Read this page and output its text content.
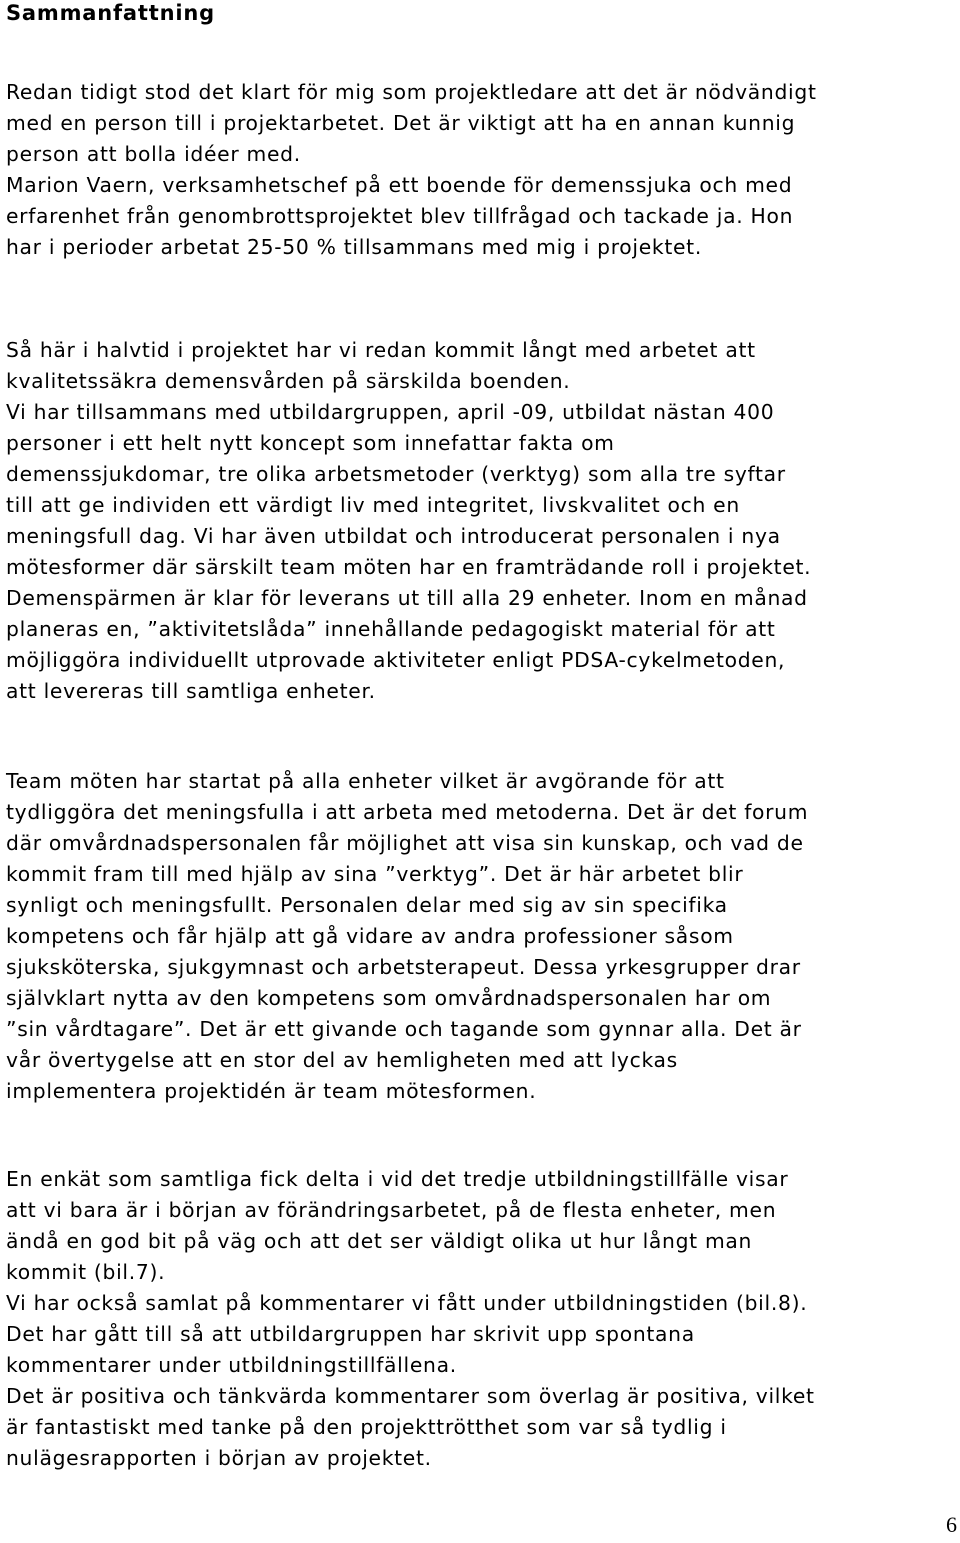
Sammanfattning

Redan tidigt stod det klart för mig som projektledare att det är nödvändigt
med en person till i projektarbetet. Det är viktigt att ha en annan kunnig
person att bolla idéer med.
Marion Vaern, verksamhetschef på ett boende för demenssjuka och med
erfarenhet från genombrottsprojektet blev tillfrågad och tackade ja. Hon
har i perioder arbetat 25-50 % tillsammans med mig i projektet.

Så här i halvtid i projektet har vi redan kommit långt med arbetet att
kvalitetssäkra demensvården på särskilda boenden.
Vi har tillsammans med utbildargruppen, april -09, utbildat nästan 400
personer i ett helt nytt koncept som innefattar fakta om
demenssjukdomar, tre olika arbetsmetoder (verktyg) som alla tre syftar
till att ge individen ett värdigt liv med integritet, livskvalitet och en
meningsfull dag. Vi har även utbildat och introducerat personalen i nya
mötesformer där särskilt team möten har en framträdande roll i projektet.
Demenspärmen är klar för leverans ut till alla 29 enheter. Inom en månad
planeras en, ”aktivitetslåda” innehållande pedagogiskt material för att
möjliggöra individuellt utprovade aktiviteter enligt PDSA-cykelmetoden,
att levereras till samtliga enheter.

Team möten har startat på alla enheter vilket är avgörande för att
tydliggöra det meningsfulla i att arbeta med metoderna. Det är det forum
där omvårdnadspersonalen får möjlighet att visa sin kunskap, och vad de
kommit fram till med hjälp av sina ”verktyg”. Det är här arbetet blir
synligt och meningsfullt. Personalen delar med sig av sin specifika
kompetens och får hjälp att gå vidare av andra professioner såsom
sjuksköterska, sjukgymnast och arbetsterapeut. Dessa yrkesgrupper drar
självklart nytta av den kompetens som omvårdnadspersonalen har om
”sin vårdtagare”. Det är ett givande och tagande som gynnar alla. Det är
vår övertygelse att en stor del av hemligheten med att lyckas
implementera projektidén är team mötesformen.

En enkät som samtliga fick delta i vid det tredje utbildningstillfälle visar
att vi bara är i början av förändringsarbetet, på de flesta enheter, men
ändå en god bit på väg och att det ser väldigt olika ut hur långt man
kommit (bil.7).
Vi har också samlat på kommentarer vi fått under utbildningstiden (bil.8).
Det har gått till så att utbildargruppen har skrivit upp spontana
kommentarer under utbildningstillfällena.
Det är positiva och tänkvärda kommentarer som överlag är positiva, vilket
är fantastiskt med tanke på den projekttrötthet som var så tydlig i
nulägesrapporten i början av projektet.

6
